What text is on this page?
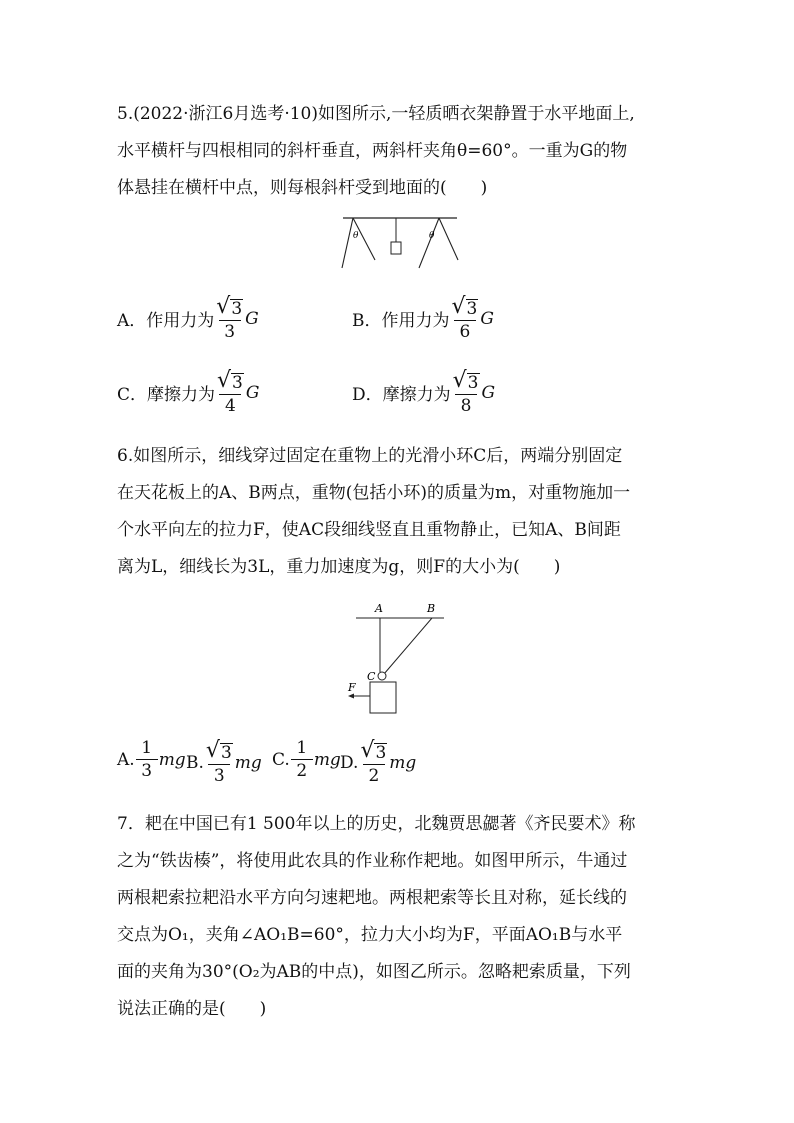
5.(2022·浙江6月选考·10)如图所示,一轻质晒衣架静置于水平地面上,

水平横杆与四根相同的斜杆垂直，两斜杆夹角θ=60°。一重为G的物

体悬挂在横杆中点，则每根斜杆受到地面的(　　)

θ	θ
A．作用力为 $\frac{√ 3}{3}$ G	B．作用力为 $\frac{√ 3}{6}$ G
C．摩擦力为 $\frac{√ 3}{4}$ G	D．摩擦力为 $\frac{√ 3}{8}$ G

6.如图所示，细线穿过固定在重物上的光滑小环C后，两端分别固定

在天花板上的A、B两点，重物(包括小环)的质量为m，对重物施加一

个水平向左的拉力F，使AC段细线竖直且重物静止，已知A、B间距

离为L，细线长为3L，重力加速度为g，则F的大小为(　　)

A	B
C
F
A. $\frac{1}{3}$ mg B. $\frac{√ 3}{3}$ mg C. $\frac{1}{2}$ mg D. $\frac{√ 3}{2}$ mg

7．耙在中国已有1 500年以上的历史，北魏贾思勰著《齐民要术》称

之为“铁齿楱”，将使用此农具的作业称作耙地。如图甲所示，牛通过

两根耙索拉耙沿水平方向匀速耙地。两根耙索等长且对称，延长线的

交点为O₁，夹角∠AO₁B=60°，拉力大小均为F，平面AO₁B与水平

面的夹角为30°(O₂为AB的中点)，如图乙所示。忽略耙索质量，下列

说法正确的是(　　)
